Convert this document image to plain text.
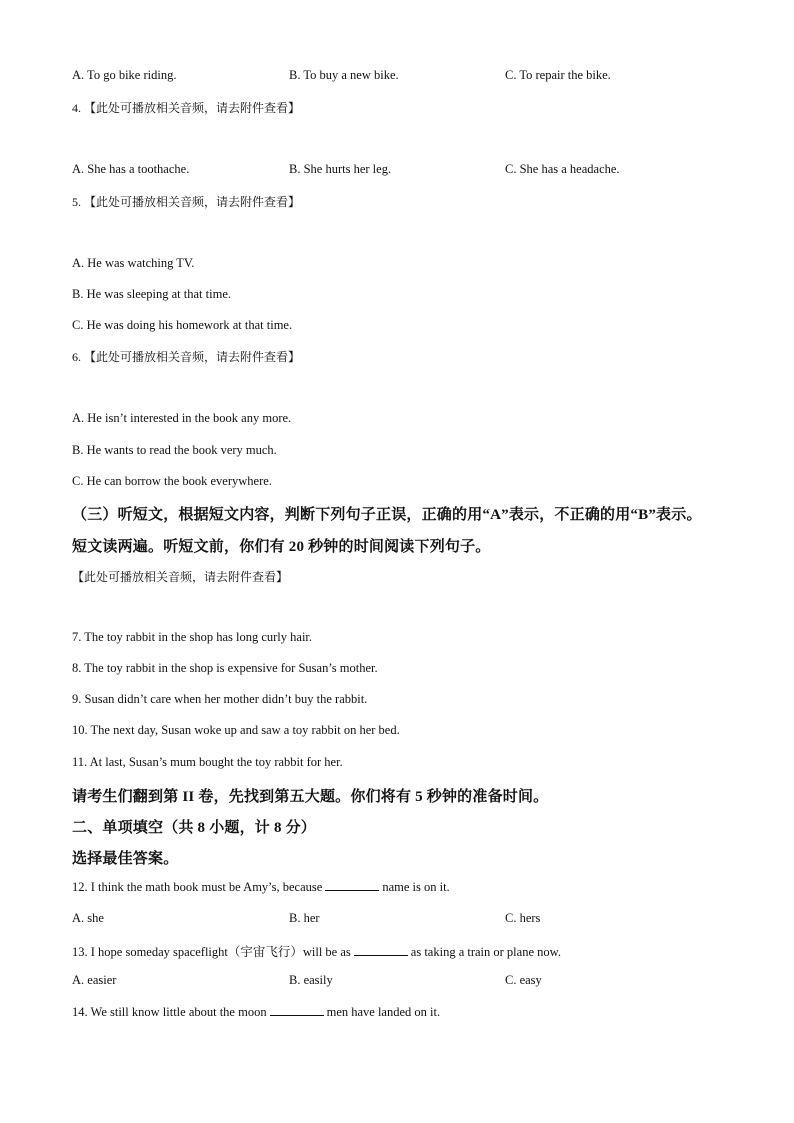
A. To go bike riding.	B. To buy a new bike.	C. To repair the bike.
4. 【此处可播放相关音频，请去附件查看】
A. She has a toothache.	B. She hurts her leg.	C. She has a headache.
5. 【此处可播放相关音频，请去附件查看】
A. He was watching TV.
B. He was sleeping at that time.
C. He was doing his homework at that time.
6. 【此处可播放相关音频，请去附件查看】
A. He isn’t interested in the book any more.
B. He wants to read the book very much.
C. He can borrow the book everywhere.
（三）听短文，根据短文内容，判断下列句子正误，正确的用“A”表示，不正确的用“B”表示。
短文读两遍。听短文前，你们有 20 秒钟的时间阅读下列句子。
【此处可播放相关音频，请去附件查看】
7. The toy rabbit in the shop has long curly hair.
8. The toy rabbit in the shop is expensive for Susan’s mother.
9. Susan didn’t care when her mother didn’t buy the rabbit.
10. The next day, Susan woke up and saw a toy rabbit on her bed.
11. At last, Susan’s mum bought the toy rabbit for her.
请考生们翻到第 II 卷，先找到第五大题。你们将有 5 秒钟的准备时间。
二、单项填空（共 8 小题，计 8 分）
选择最佳答案。
12. I think the math book must be Amy’s, because	name is on it.
A. she	B. her	C. hers
13. I hope someday spaceflight（宇宙飞行）will be as	as taking a train or plane now.
A. easier	B. easily	C. easy
14. We still know little about the moon	men have landed on it.
